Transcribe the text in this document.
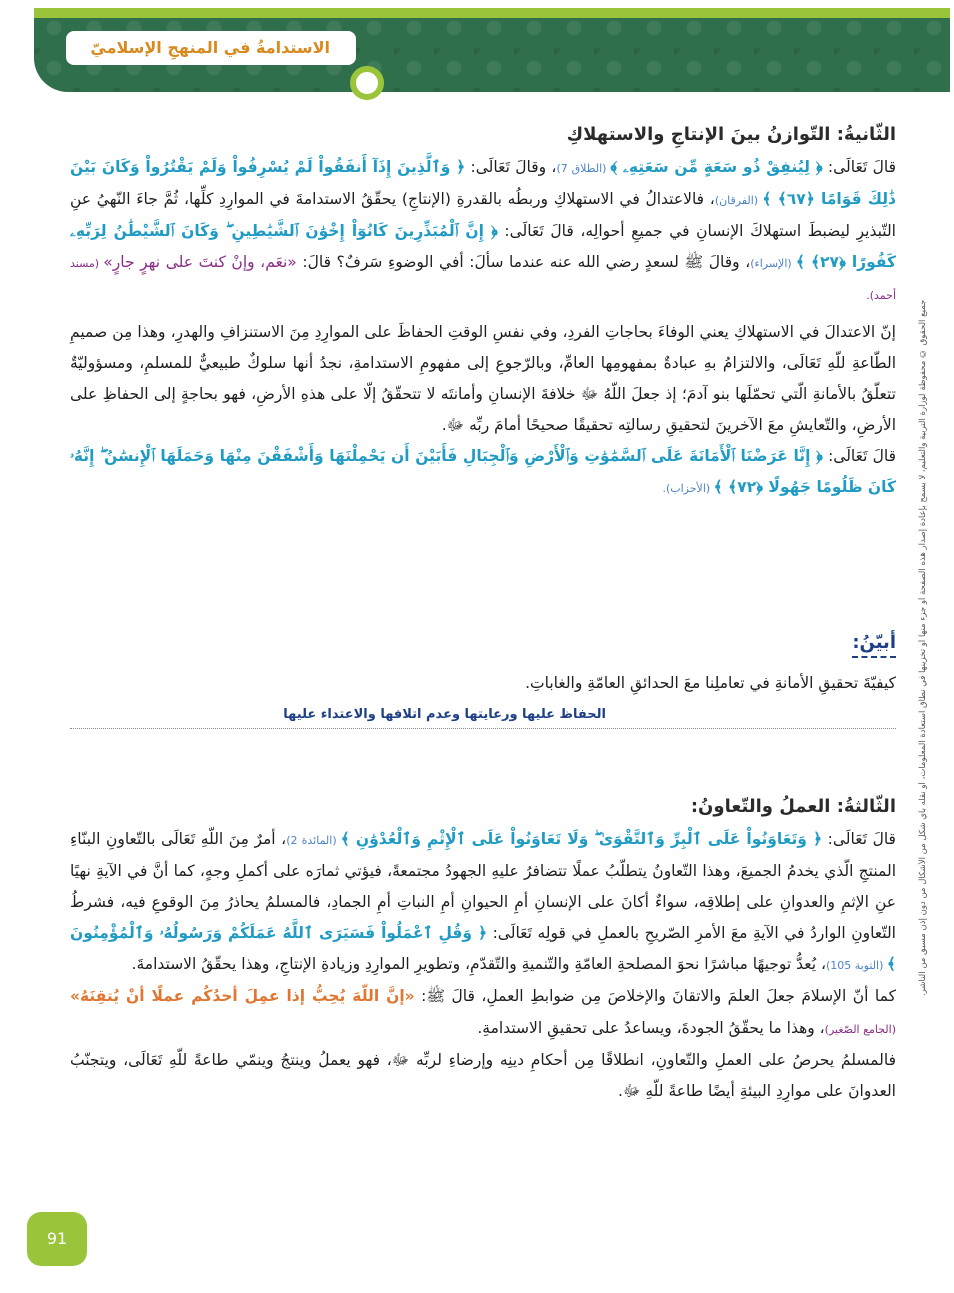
الاستدامةُ في المنهجِ الإسلاميّ
جميع الحقوق © محفوظة لوزارة التربية والتعليم، لا يسمح بإعادة إصدار هذه الصفحة أو جزء منها أو تخزينها في نطاق استعادة المعلومات، أو نقله بأي شكل من الأشكال من دون إذن مسبق من الناشر.
الثّانيةُ: التّوازنُ بينَ الإنتاجِ والاستهلاكِ

قالَ تَعَالَى: ﴿ لِيُنفِقْ ذُو سَعَةٍ مِّن سَعَتِهِۦ ﴾ (الطلاق 7)، وقالَ تَعَالَى: ﴿ وَٱلَّذِينَ إِذَآ أَنفَقُواْ لَمْ يُسْرِفُواْ وَلَمْ يَقْتُرُواْ وَكَانَ بَيْنَ ذَٰلِكَ قَوَامًا ﴿٦٧﴾ ﴾ (الفرقان)، فالاعتدالُ في الاستهلاكِ وربطُه بالقدرةِ (الإنتاجِ) يحقّقُ الاستدامةَ في الموارِدِ كلِّها، ثُمَّ جاءَ النّهيُ عنِ التّبذيرِ ليضبطَ استهلاكَ الإنسانِ في جميعِ أحوالِه، قالَ تَعَالَى: ﴿ إِنَّ ٱلْمُبَذِّرِينَ كَانُوٓاْ إِخْوَٰنَ ٱلشَّيَٰطِينِ ۖ وَكَانَ ٱلشَّيْطَٰنُ لِرَبِّهِۦ كَفُورًا ﴿٢٧﴾ ﴾ (الإسراء)، وقالَ ﷺ لسعدٍ رضي الله عنه عندما سألَ: أفي الوضوءِ سَرفٌ؟ قالَ: «نعَم، وإنْ كنتَ على نهرٍ جارٍ» (مسند أحمد).

إنّ الاعتدالَ في الاستهلاكِ يعني الوفاءَ بحاجاتِ الفردِ، وفي نفسِ الوقتِ الحفاظَ على الموارِدِ مِنَ الاستنزافِ والهدرِ، وهذا مِن صميمِ الطّاعةِ للّهِ تَعَالَى، والالتزامُ بهِ عبادةٌ بمفهومِها العامِّ، وبالرّجوعِ إلى مفهومِ الاستدامةِ، نجدُ أنها سلوكٌ طبيعيٌّ للمسلمِ، ومسؤوليّةٌ تتعلّقُ بالأمانةِ الّتي تحمّلَها بنو آدمَ؛ إذ جعلَ اللّهُ ﷻ خلافةَ الإنسانِ وأمانتَه لا تتحقّقُ إلّا على هذهِ الأرضِ، فهو بحاجةٍ إلى الحفاظِ على الأرضِ، والتّعايشِ معَ الآخرينَ لتحقيقِ رسالتِه تحقيقًا صحيحًا أمامَ ربِّه ﷻ.

قالَ تَعَالَى: ﴿ إِنَّا عَرَضْنَا ٱلْأَمَانَةَ عَلَى ٱلسَّمَٰوَٰتِ وَٱلْأَرْضِ وَٱلْجِبَالِ فَأَبَيْنَ أَن يَحْمِلْنَهَا وَأَشْفَقْنَ مِنْهَا وَحَمَلَهَا ٱلْإِنسَٰنُ ۖ إِنَّهُۥ كَانَ ظَلُومًا جَهُولًا ﴿٧٢﴾ ﴾ (الأحزاب).

أبيّنُ:
كيفيّةَ تحقيقِ الأمانةِ في تعاملِنا معَ الحدائقِ العامّةِ والغاباتِ.
الحفاظ عليها ورعايتها وعدم اتلافها والاعتداء عليها
الثّالثةُ: العملُ والتّعاونُ:

قالَ تَعَالَى: ﴿ وَتَعَاوَنُواْ عَلَى ٱلْبِرِّ وَٱلتَّقْوَىٰ ۖ وَلَا تَعَاوَنُواْ عَلَى ٱلْإِثْمِ وَٱلْعُدْوَٰنِ ﴾ (المائدة 2)، أمرٌ مِنَ اللّهِ تَعَالَى بالتّعاونِ البنّاءِ المنتجِ الّذي يخدمُ الجميعَ، وهذا التّعاونُ يتطلّبُ عملًا تتضافرُ عليهِ الجهودُ مجتمعةً، فيؤتي ثمارَه على أكملِ وجهٍ، كما أنَّ في الآيةِ نهيًا عنِ الإثمِ والعدوانِ على إطلاقِه، سواءٌ أكانَ على الإنسانِ أمِ الحيوانِ أمِ النباتِ أمِ الجمادِ، فالمسلمُ يحاذرُ مِنَ الوقوعِ فيه، فشرطُ التّعاونِ الواردُ في الآيةِ معَ الأمرِ الصّريحِ بالعملِ في قولِه تَعَالَى: ﴿ وَقُلِ ٱعْمَلُواْ فَسَيَرَى ٱللَّهُ عَمَلَكُمْ وَرَسُولُهُۥ وَٱلْمُؤْمِنُونَ ﴾ (التوبة 105)، يُعدُّ توجيهًا مباشرًا نحوَ المصلحةِ العامّةِ والتّنميةِ والتّقدّمِ، وتطويرِ الموارِدِ وزيادةِ الإنتاجِ، وهذا يحقّقُ الاستدامةَ.

كما أنّ الإسلامَ جعلَ العلمَ والاتقانَ والإخلاصَ مِن ضوابطِ العملِ، قالَ ﷺ: «إنَّ اللّهَ يُحِبُّ إذا عمِلَ أحدُكُم عملًا أنْ يُتقِنَهُ» (الجامع الصّغير)، وهذا ما يحقّقُ الجودةَ، ويساعدُ على تحقيقِ الاستدامةِ.

فالمسلمُ يحرصُ على العملِ والتّعاونِ، انطلاقًا مِن أحكامِ دينِه وإرضاءِ لربِّه ﷻ، فهو يعملُ وينتجُ وينمّي طاعةً للّهِ تَعَالَى، ويتجنّبُ العدوانَ على موارِدِ البيئةِ أيضًا طاعةً للّهِ ﷻ.

91
